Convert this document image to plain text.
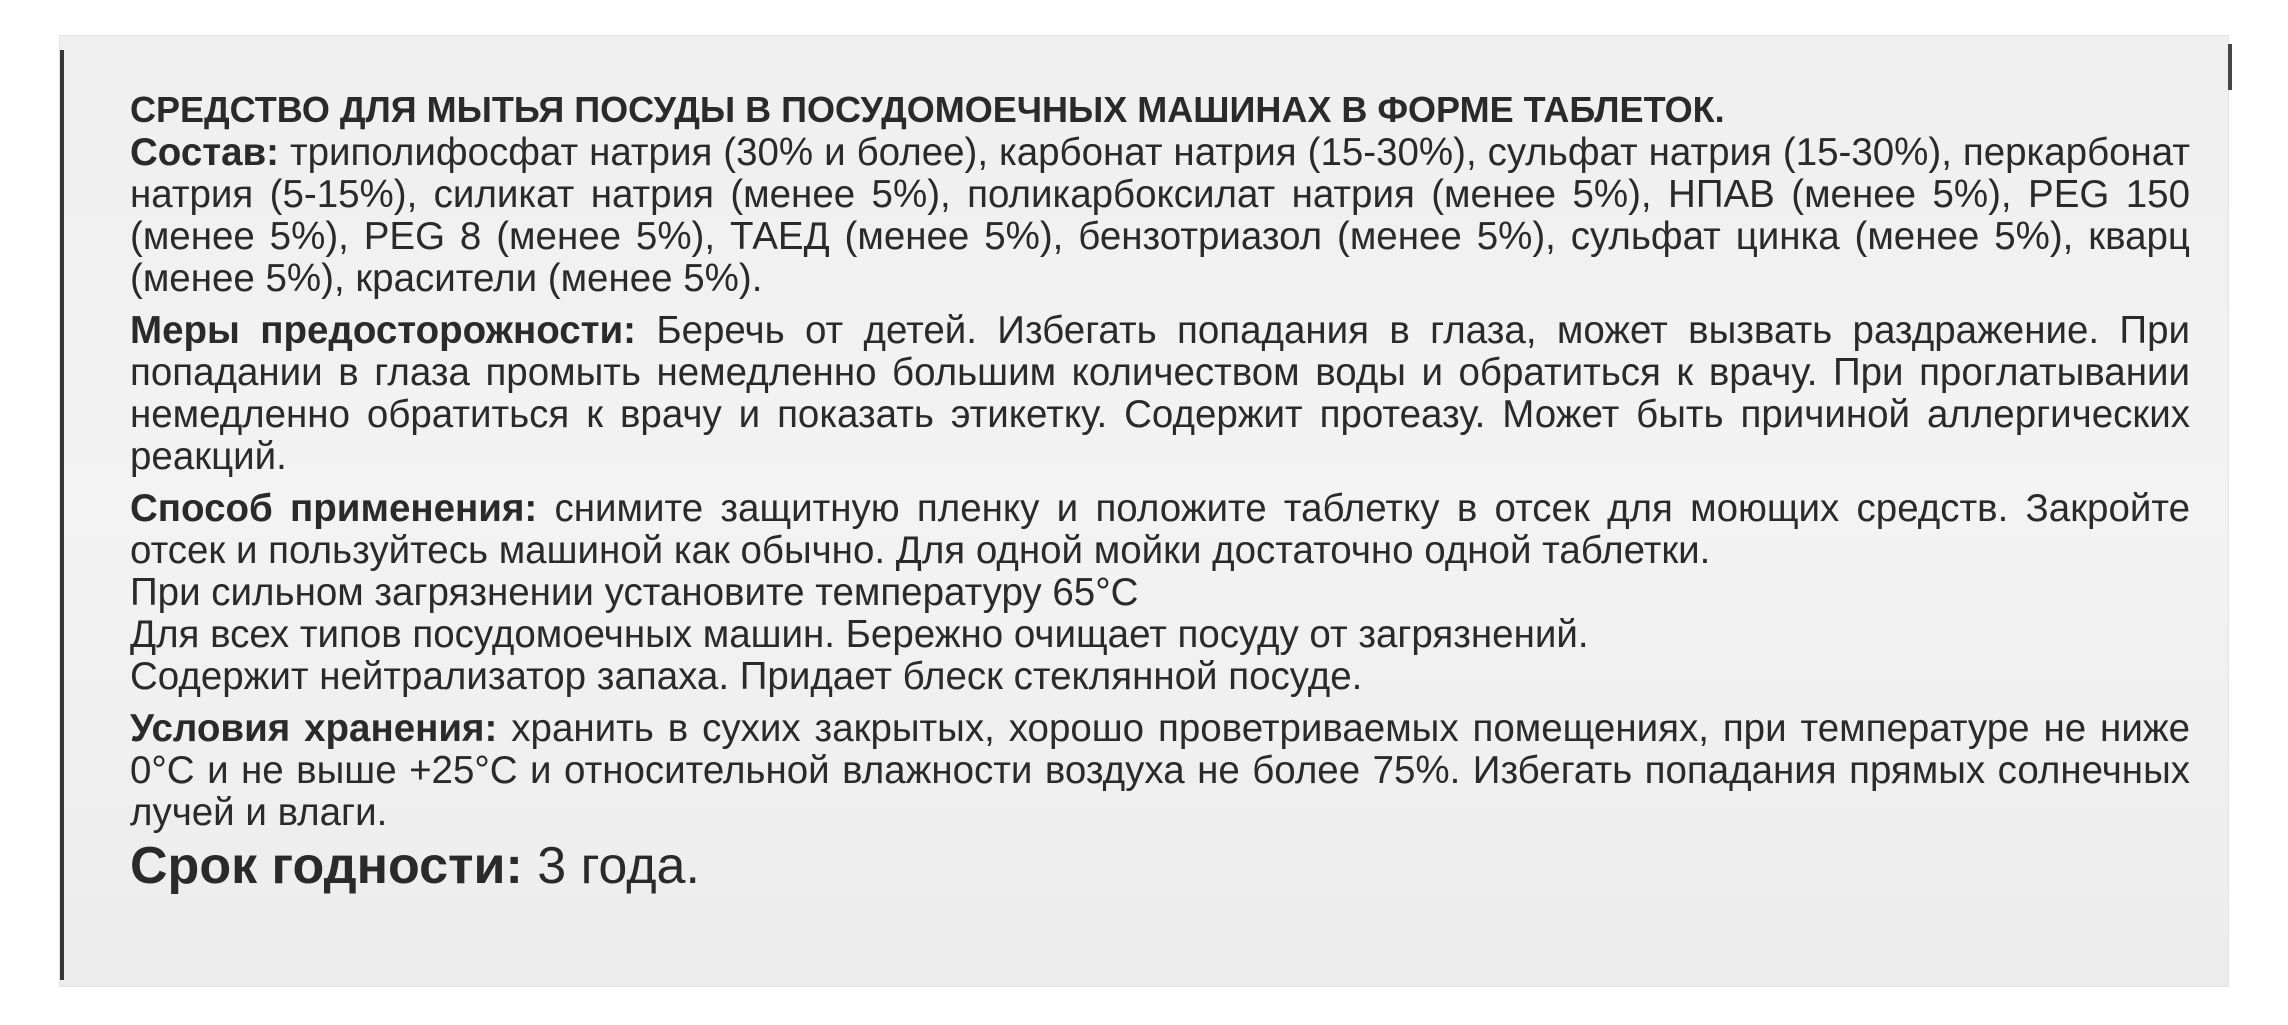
СРЕДСТВО ДЛЯ МЫТЬЯ ПОСУДЫ В ПОСУДОМОЕЧНЫХ МАШИНАХ В ФОРМЕ ТАБЛЕТОК.

Состав: триполифосфат натрия (30% и более), карбонат натрия (15-30%), сульфат натрия (15-30%), перкарбонат натрия (5-15%), силикат натрия (менее 5%), поликарбоксилат натрия (менее 5%), НПАВ (менее 5%), PEG 150 (менее 5%), PEG 8 (менее 5%), ТАЕД (менее 5%), бензотриазол (менее 5%), сульфат цинка (менее 5%), кварц (менее 5%), красители (менее 5%).

Меры предосторожности: Беречь от детей. Избегать попадания в глаза, может вызвать раздражение. При попадании в глаза промыть немедленно большим количеством воды и обратиться к врачу. При проглатывании немедленно обратиться к врачу и показать этикетку. Содержит протеазу. Может быть причиной аллергических реакций.

Способ применения: снимите защитную пленку и положите таблетку в отсек для моющих средств. Закройте отсек и пользуйтесь машиной как обычно. Для одной мойки достаточно одной таблетки.

При сильном загрязнении установите температуру 65°С

Для всех типов посудомоечных машин. Бережно очищает посуду от загрязнений.

Содержит нейтрализатор запаха. Придает блеск стеклянной посуде.

Условия хранения: хранить в сухих закрытых, хорошо проветриваемых помещениях, при температуре не ниже 0°С и не выше +25°С и относительной влажности воздуха не более 75%. Избегать попадания прямых солнечных лучей и влаги.

Срок годности: 3 года.
